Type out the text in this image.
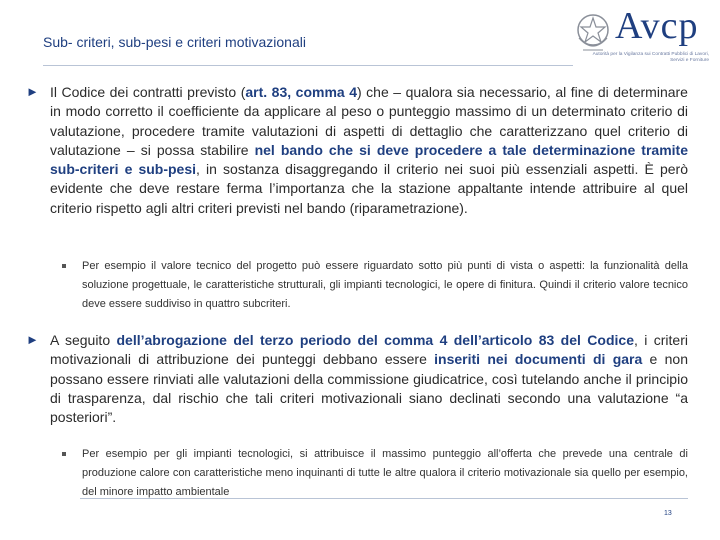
Sub- criteri, sub-pesi e criteri motivazionali	Avcp
Autorità per la Vigilanza sui Contratti Pubblici di Lavori, Servizi e Forniture
► Il Codice dei contratti previsto (art. 83, comma 4) che – qualora sia necessario, al fine di determinare in modo corretto il coefficiente da applicare al peso o punteggio massimo di un determinato criterio di valutazione, procedere tramite valutazioni di aspetti di dettaglio che caratterizzano quel criterio di valutazione – si possa stabilire nel bando che si deve procedere a tale determinazione tramite sub-criteri e sub-pesi, in sostanza disaggregando il criterio nei suoi più essenziali aspetti. È però evidente che deve restare ferma l’importanza che la stazione appaltante intende attribuire al quel criterio rispetto agli altri criteri previsti nel bando (riparametrazione).
Per esempio il valore tecnico del progetto può essere riguardato sotto più punti di vista o aspetti: la funzionalità della soluzione progettuale, le caratteristiche strutturali, gli impianti tecnologici, le opere di finitura. Quindi il criterio valore tecnico deve essere suddiviso in quattro subcriteri.
► A seguito dell’abrogazione del terzo periodo del comma 4 dell’articolo 83 del Codice, i criteri motivazionali di attribuzione dei punteggi debbano essere inseriti nei documenti di gara e non possano essere rinviati alle valutazioni della commissione giudicatrice, così tutelando anche il principio di trasparenza, dal rischio che tali criteri motivazionali siano declinati secondo una valutazione “a posteriori”.
Per esempio per gli impianti tecnologici, si attribuisce il massimo punteggio all’offerta che prevede una centrale di produzione calore con caratteristiche meno inquinanti di tutte le altre qualora il criterio motivazionale sia quello per esempio, del minore impatto ambientale
13
